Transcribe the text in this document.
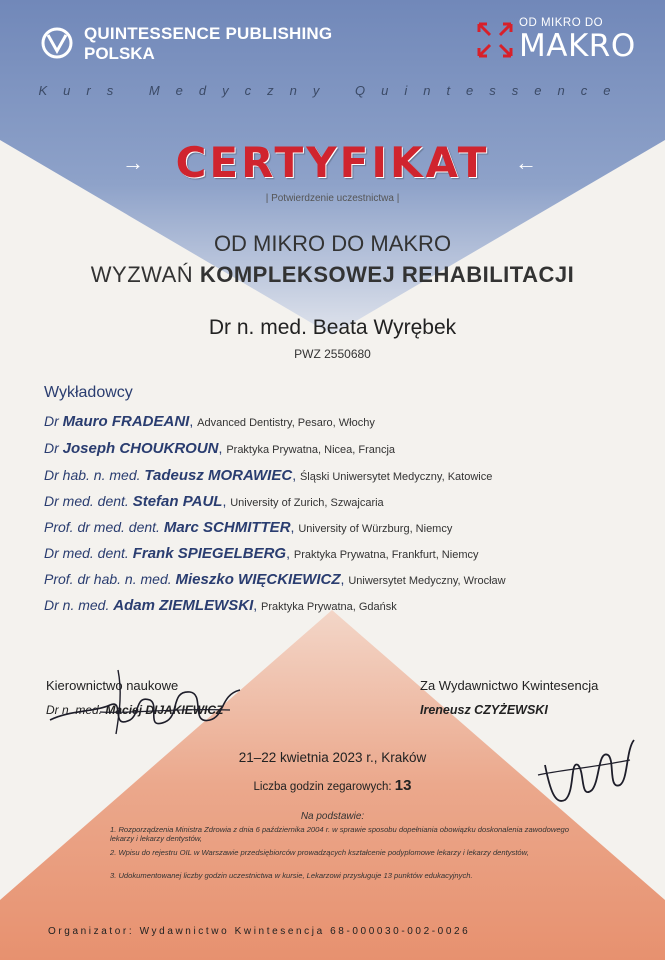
QUINTESSENCE PUBLISHING
POLSKA
OD MIKRO DO
MAKRO
Kurs Medyczny Quintessence
→ CERTYFIKAT	←
| Potwierdzenie uczestnictwa |
OD MIKRO DO MAKRO
WYZWAŃ KOMPLEKSOWEJ REHABILITACJI
Dr n. med. Beata Wyrębek
PWZ 2550680
Wykładowcy
Dr Mauro FRADEANI, Advanced Dentistry, Pesaro, Włochy
Dr Joseph CHOUKROUN, Praktyka Prywatna, Nicea, Francja
Dr hab. n. med. Tadeusz MORAWIEC, Śląski Uniwersytet Medyczny, Katowice
Dr med. dent. Stefan PAUL, University of Zurich, Szwajcaria
Prof. dr med. dent. Marc SCHMITTER, University of Würzburg, Niemcy
Dr med. dent. Frank SPIEGELBERG, Praktyka Prywatna, Frankfurt, Niemcy
Prof. dr hab. n. med. Mieszko WIĘCKIEWICZ, Uniwersytet Medyczny, Wrocław
Dr n. med. Adam ZIEMLEWSKI, Praktyka Prywatna, Gdańsk
Kierownictwo naukowe
Dr n. med. Maciej DIJAKIEWICZ
Za Wydawnictwo Kwintesencja
Ireneusz CZYŻEWSKI
21–22 kwietnia 2023 r., Kraków
Liczba godzin zegarowych: 13
Na podstawie:
1. Rozporządzenia Ministra Zdrowia z dnia 6 października 2004 r. w sprawie sposobu dopełniania obowiązku doskonalenia zawodowego lekarzy i lekarzy dentystów,
2. Wpisu do rejestru OIL w Warszawie przedsiębiorców prowadzących kształcenie podyplomowe lekarzy i lekarzy dentystów,
3. Udokumentowanej liczby godzin uczestnictwa w kursie, Lekarzowi przysługuje 13 punktów edukacyjnych.
Organizator: Wydawnictwo Kwintesencja 68-000030-002-0026
